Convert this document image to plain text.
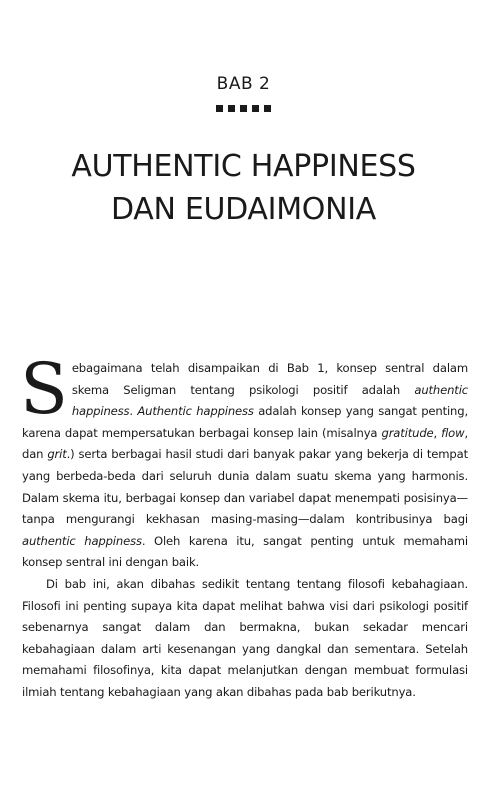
BAB 2
AUTHENTIC HAPPINESS
DAN EUDAIMONIA

Sebagaimana telah disampaikan di Bab 1, konsep sentral dalam skema Seligman tentang psikologi positif adalah authentic happiness. Authentic happiness adalah konsep yang sangat penting, karena dapat mempersatukan berbagai konsep lain (misalnya gratitude, flow, dan grit.) serta berbagai hasil studi dari banyak pakar yang bekerja di tempat yang berbeda-beda dari seluruh dunia dalam suatu skema yang harmonis. Dalam skema itu, berbagai konsep dan variabel dapat menempati posisinya—tanpa mengurangi kekhasan masing-masing—dalam kontribusinya bagi authentic happiness. Oleh karena itu, sangat penting untuk memahami konsep sentral ini dengan baik.

Di bab ini, akan dibahas sedikit tentang tentang filosofi kebahagiaan. Filosofi ini penting supaya kita dapat melihat bahwa visi dari psikologi positif sebenarnya sangat dalam dan bermakna, bukan sekadar mencari kebahagiaan dalam arti kesenangan yang dangkal dan sementara. Setelah memahami filosofinya, kita dapat melanjutkan dengan membuat formulasi ilmiah tentang kebahagiaan yang akan dibahas pada bab berikutnya.
